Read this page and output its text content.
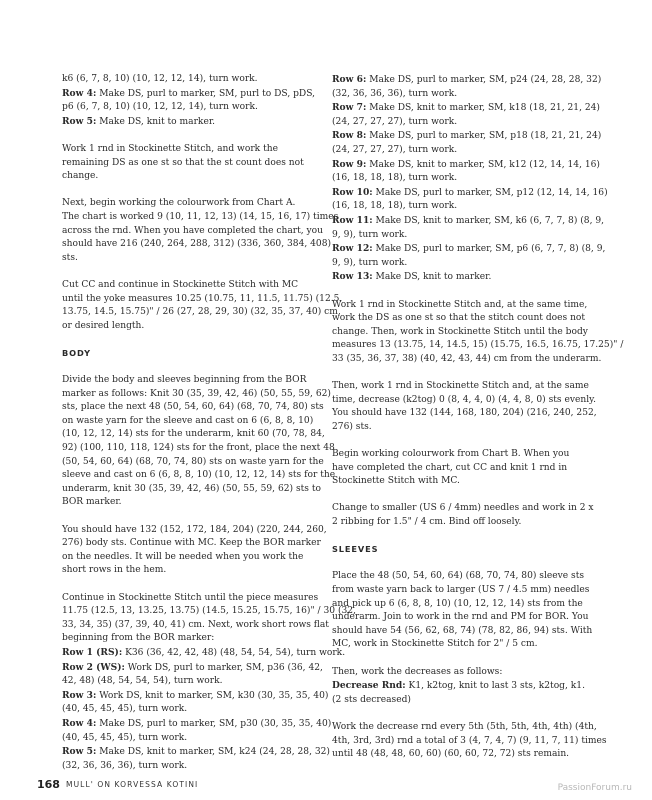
k6 (6, 7, 8, 10) (10, 12, 12, 14), turn work.
Row 4: Make DS, purl to marker, SM, purl to DS, pDS,
p6 (6, 7, 8, 10) (10, 12, 12, 14), turn work.
Row 5: Make DS, knit to marker.
Work 1 rnd in Stockinette Stitch, and work the
remaining DS as one st so that the st count does not
change.
Next, begin working the colourwork from Chart A.
The chart is worked 9 (10, 11, 12, 13) (14, 15, 16, 17) times
across the rnd. When you have completed the chart, you
should have 216 (240, 264, 288, 312) (336, 360, 384, 408)
sts.
Cut CC and continue in Stockinette Stitch with MC
until the yoke measures 10.25 (10.75, 11, 11.5, 11.75) (12.5,
13.75, 14.5, 15.75)" / 26 (27, 28, 29, 30) (32, 35, 37, 40) cm,
or desired length.
BODY
Divide the body and sleeves beginning from the BOR
marker as follows: Knit 30 (35, 39, 42, 46) (50, 55, 59, 62)
sts, place the next 48 (50, 54, 60, 64) (68, 70, 74, 80) sts
on waste yarn for the sleeve and cast on 6 (6, 8, 8, 10)
(10, 12, 12, 14) sts for the underarm, knit 60 (70, 78, 84,
92) (100, 110, 118, 124) sts for the front, place the next 48
(50, 54, 60, 64) (68, 70, 74, 80) sts on waste yarn for the
sleeve and cast on 6 (6, 8, 8, 10) (10, 12, 12, 14) sts for the
underarm, knit 30 (35, 39, 42, 46) (50, 55, 59, 62) sts to
BOR marker.
You should have 132 (152, 172, 184, 204) (220, 244, 260,
276) body sts. Continue with MC. Keep the BOR marker
on the needles. It will be needed when you work the
short rows in the hem.
Continue in Stockinette Stitch until the piece measures
11.75 (12.5, 13, 13.25, 13.75) (14.5, 15.25, 15.75, 16)" / 30 (32,
33, 34, 35) (37, 39, 40, 41) cm. Next, work short rows flat
beginning from the BOR marker:
Row 1 (RS): K36 (36, 42, 42, 48) (48, 54, 54, 54), turn work.
Row 2 (WS): Work DS, purl to marker, SM, p36 (36, 42,
42, 48) (48, 54, 54, 54), turn work.
Row 3: Work DS, knit to marker, SM, k30 (30, 35, 35, 40)
(40, 45, 45, 45), turn work.
Row 4: Make DS, purl to marker, SM, p30 (30, 35, 35, 40)
(40, 45, 45, 45), turn work.
Row 5: Make DS, knit to marker, SM, k24 (24, 28, 28, 32)
(32, 36, 36, 36), turn work.
Row 6: Make DS, purl to marker, SM, p24 (24, 28, 28, 32)
(32, 36, 36, 36), turn work.
Row 7: Make DS, knit to marker, SM, k18 (18, 21, 21, 24)
(24, 27, 27, 27), turn work.
Row 8: Make DS, purl to marker, SM, p18 (18, 21, 21, 24)
(24, 27, 27, 27), turn work.
Row 9: Make DS, knit to marker, SM, k12 (12, 14, 14, 16)
(16, 18, 18, 18), turn work.
Row 10: Make DS, purl to marker, SM, p12 (12, 14, 14, 16)
(16, 18, 18, 18), turn work.
Row 11: Make DS, knit to marker, SM, k6 (6, 7, 7, 8) (8, 9,
9, 9), turn work.
Row 12: Make DS, purl to marker, SM, p6 (6, 7, 7, 8) (8, 9,
9, 9), turn work.
Row 13: Make DS, knit to marker.
Work 1 rnd in Stockinette Stitch and, at the same time,
work the DS as one st so that the stitch count does not
change. Then, work in Stockinette Stitch until the body
measures 13 (13.75, 14, 14.5, 15) (15.75, 16.5, 16.75, 17.25)" /
33 (35, 36, 37, 38) (40, 42, 43, 44) cm from the underarm.
Then, work 1 rnd in Stockinette Stitch and, at the same
time, decrease (k2tog) 0 (8, 4, 4, 0) (4, 4, 8, 0) sts evenly.
You should have 132 (144, 168, 180, 204) (216, 240, 252,
276) sts.
Begin working colourwork from Chart B. When you
have completed the chart, cut CC and knit 1 rnd in
Stockinette Stitch with MC.
Change to smaller (US 6 / 4mm) needles and work in 2 x
2 ribbing for 1.5" / 4 cm. Bind off loosely.
SLEEVES
Place the 48 (50, 54, 60, 64) (68, 70, 74, 80) sleeve sts
from waste yarn back to larger (US 7 / 4.5 mm) needles
and pick up 6 (6, 8, 8, 10) (10, 12, 12, 14) sts from the
underarm. Join to work in the rnd and PM for BOR. You
should have 54 (56, 62, 68, 74) (78, 82, 86, 94) sts. With
MC, work in Stockinette Stitch for 2" / 5 cm.
Then, work the decreases as follows:
Decrease Rnd: K1, k2tog, knit to last 3 sts, k2tog, k1.
(2 sts decreased)
Work the decrease rnd every 5th (5th, 5th, 4th, 4th) (4th,
4th, 3rd, 3rd) rnd a total of 3 (4, 7, 4, 7) (9, 11, 7, 11) times
until 48 (48, 48, 60, 60) (60, 60, 72, 72) sts remain.
168 MULL' ON KORVESSA KOTINI	PassionForum.ru
